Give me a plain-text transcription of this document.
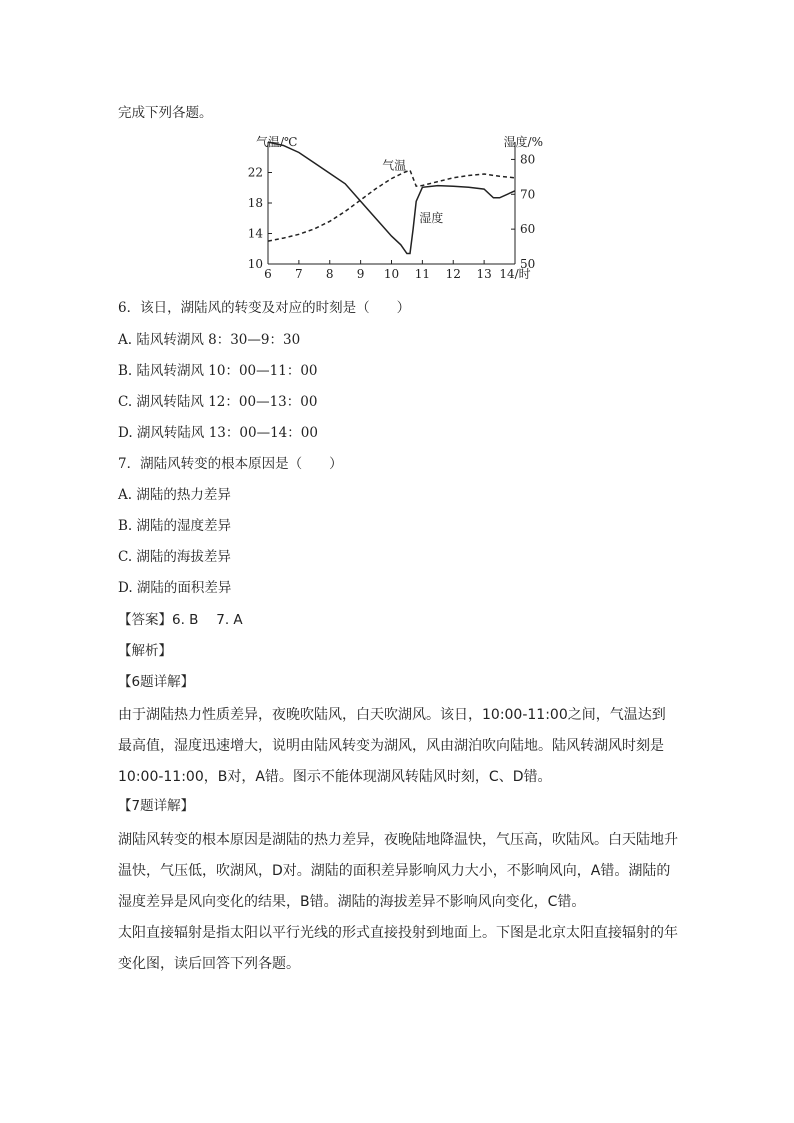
完成下列各题。
6 7 8 9 10 11 12 13 14/时
10
14
18
22
50
60
70
80
气温/℃	湿度/%
气温
湿度
6．该日，湖陆风的转变及对应的时刻是（　　）
A. 陆风转湖风 8：30—9：30
B. 陆风转湖风 10：00—11：00
C. 湖风转陆风 12：00—13：00
D. 湖风转陆风 13：00—14：00
7．湖陆风转变的根本原因是（　　）
A. 湖陆的热力差异
B. 湖陆的湿度差异
C. 湖陆的海拔差异
D. 湖陆的面积差异
【答案】6. B　 7. A
【解析】
【6题详解】

由于湖陆热力性质差异，夜晚吹陆风，白天吹湖风。该日，10:00-11:00之间，气温达到最高值，湿度迅速增大，说明由陆风转变为湖风，风由湖泊吹向陆地。陆风转湖风时刻是10:00-11:00，B对，A错。图示不能体现湖风转陆风时刻，C、D错。

【7题详解】

湖陆风转变的根本原因是湖陆的热力差异，夜晚陆地降温快，气压高，吹陆风。白天陆地升温快，气压低，吹湖风，D对。湖陆的面积差异影响风力大小，不影响风向，A错。湖陆的湿度差异是风向变化的结果，B错。湖陆的海拔差异不影响风向变化，C错。

太阳直接辐射是指太阳以平行光线的形式直接投射到地面上。下图是北京太阳直接辐射的年变化图，读后回答下列各题。
